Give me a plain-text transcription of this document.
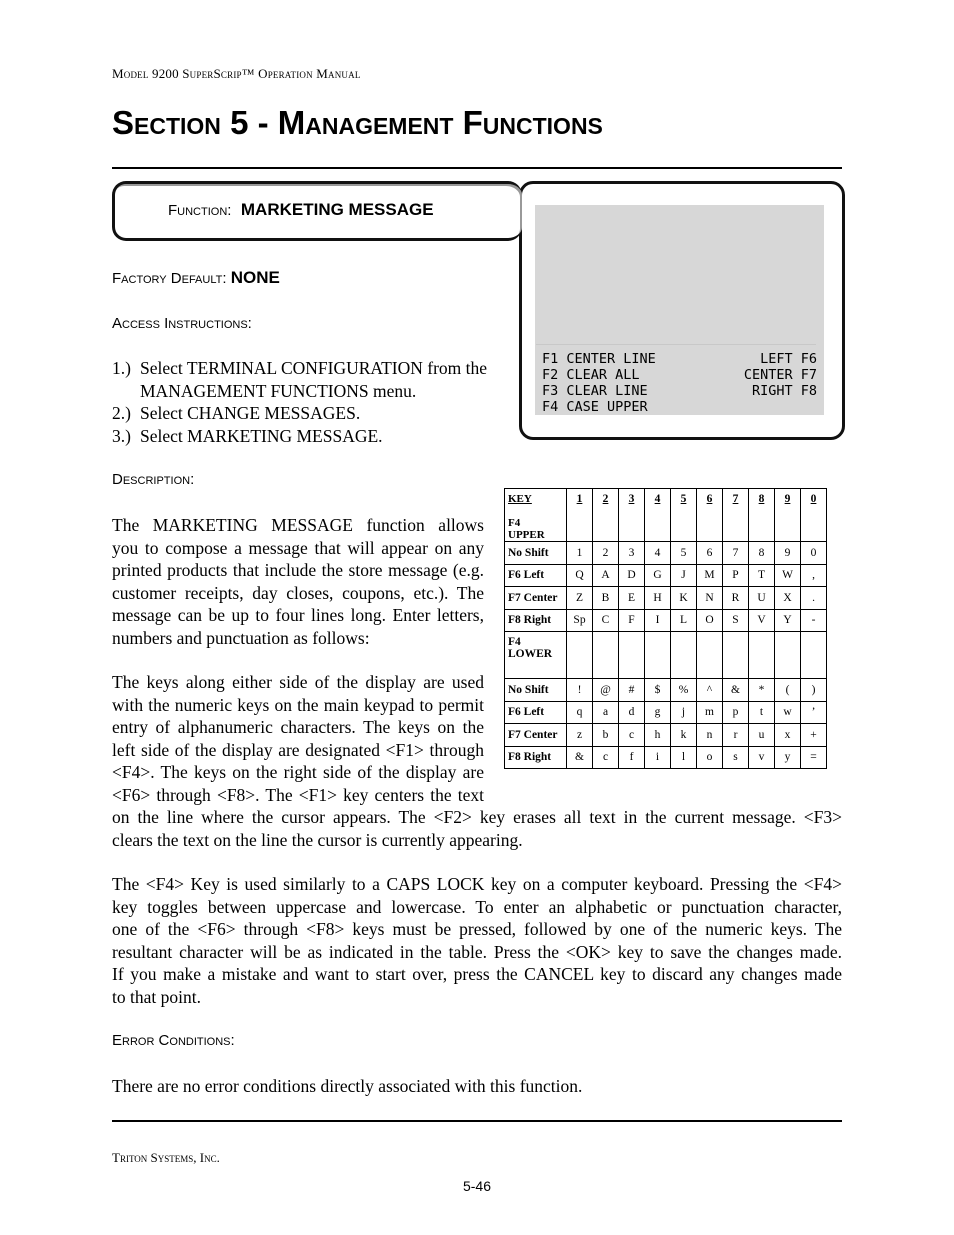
Model 9200 SuperScrip™ Operation Manual
Section 5 - Management Functions
Function: MARKETING MESSAGE
F1 CENTER LINE	LEFT F6
F2 CLEAR ALL	CENTER F7
F3 CLEAR LINE	RIGHT F8
F4 CASE UPPER
Factory Default: NONE
Access Instructions:
1.) Select TERMINAL CONFIGURATION from the
MANAGEMENT FUNCTIONS menu.
2.) Select CHANGE MESSAGES.
3.) Select MARKETING MESSAGE.
Description:
The MARKETING MESSAGE function allows
you to compose a message that will appear on any
printed products that include the store message (e.g.
customer receipts, day closes, coupons, etc.). The
message can be up to four lines long. Enter letters,
numbers and punctuation as follows:
The keys along either side of the display are used
with the numeric keys on the main keypad to permit
entry of alphanumeric characters. The keys on the
left side of the display are designated <F1> through
<F4>. The keys on the right side of the display are
<F6> through <F8>. The <F1> key centers the text
on the line where the cursor appears. The <F2> key erases all text in the current message. <F3>
clears the text on the line the cursor is currently appearing.
The <F4> Key is used similarly to a CAPS LOCK key on a computer keyboard. Pressing the <F4>
key toggles between uppercase and lowercase. To enter an alphabetic or punctuation character,
one of the <F6> through <F8> keys must be pressed, followed by one of the numeric keys. The
resultant character will be as indicated in the table. Press the <OK> key to save the changes made.
If you make a mistake and want to start over, press the CANCEL key to discard any changes made
to that point.
KEY
F4 UPPER	1	2	3	4	5	6	7	8	9	0
No Shift	1	2	3	4	5	6	7	8	9	0
F6 Left	Q	A	D	G	J	M	P	T	W	,
F7 Center	Z	B	E	H	K	N	R	U	X	.
F8 Right	Sp	C	F	I	L	O	S	V	Y	-

F4 LOWER										

No Shift	!	@	#	$	%	^	&	*	(	)
F6 Left	q	a	d	g	j	m	p	t	w	’
F7 Center	z	b	c	h	k	n	r	u	x	+
F8 Right	&	c	f	i	l	o	s	v	y	=
Error Conditions:
There are no error conditions directly associated with this function.
Triton Systems, Inc.
5-46
